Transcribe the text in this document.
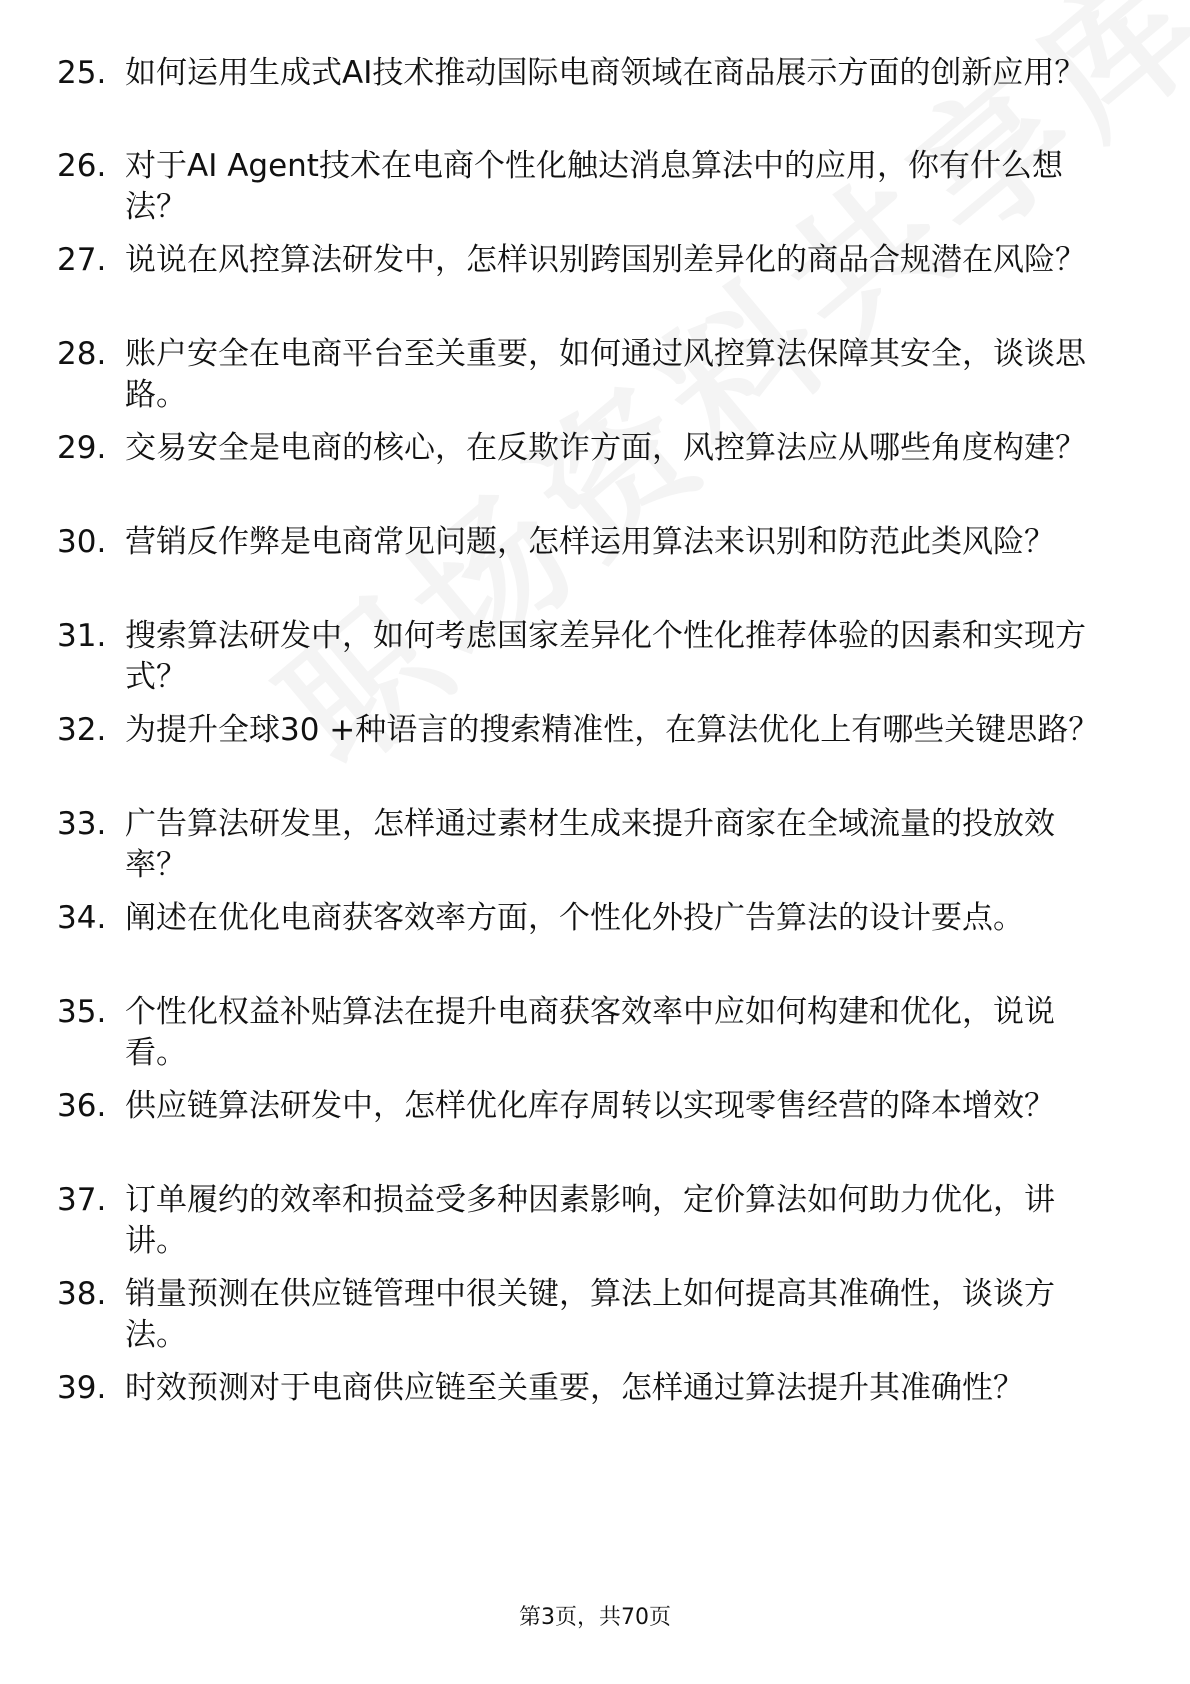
25. 如何运用生成式AI技术推动国际电商领域在商品展示方面的创新应用？
26. 对于AI Agent技术在电商个性化触达消息算法中的应用，你有什么想法？
27. 说说在风控算法研发中，怎样识别跨国别差异化的商品合规潜在风险？
28. 账户安全在电商平台至关重要，如何通过风控算法保障其安全，谈谈思路。
29. 交易安全是电商的核心，在反欺诈方面，风控算法应从哪些角度构建？
30. 营销反作弊是电商常见问题，怎样运用算法来识别和防范此类风险？
31. 搜索算法研发中，如何考虑国家差异化个性化推荐体验的因素和实现方式？
32. 为提升全球30 +种语言的搜索精准性，在算法优化上有哪些关键思路？
33. 广告算法研发里，怎样通过素材生成来提升商家在全域流量的投放效率？
34. 阐述在优化电商获客效率方面，个性化外投广告算法的设计要点。
35. 个性化权益补贴算法在提升电商获客效率中应如何构建和优化，说说看。
36. 供应链算法研发中，怎样优化库存周转以实现零售经营的降本增效？
37. 订单履约的效率和损益受多种因素影响，定价算法如何助力优化，讲讲。
38. 销量预测在供应链管理中很关键，算法上如何提高其准确性，谈谈方法。
39. 时效预测对于电商供应链至关重要，怎样通过算法提升其准确性？
第3页，共70页
